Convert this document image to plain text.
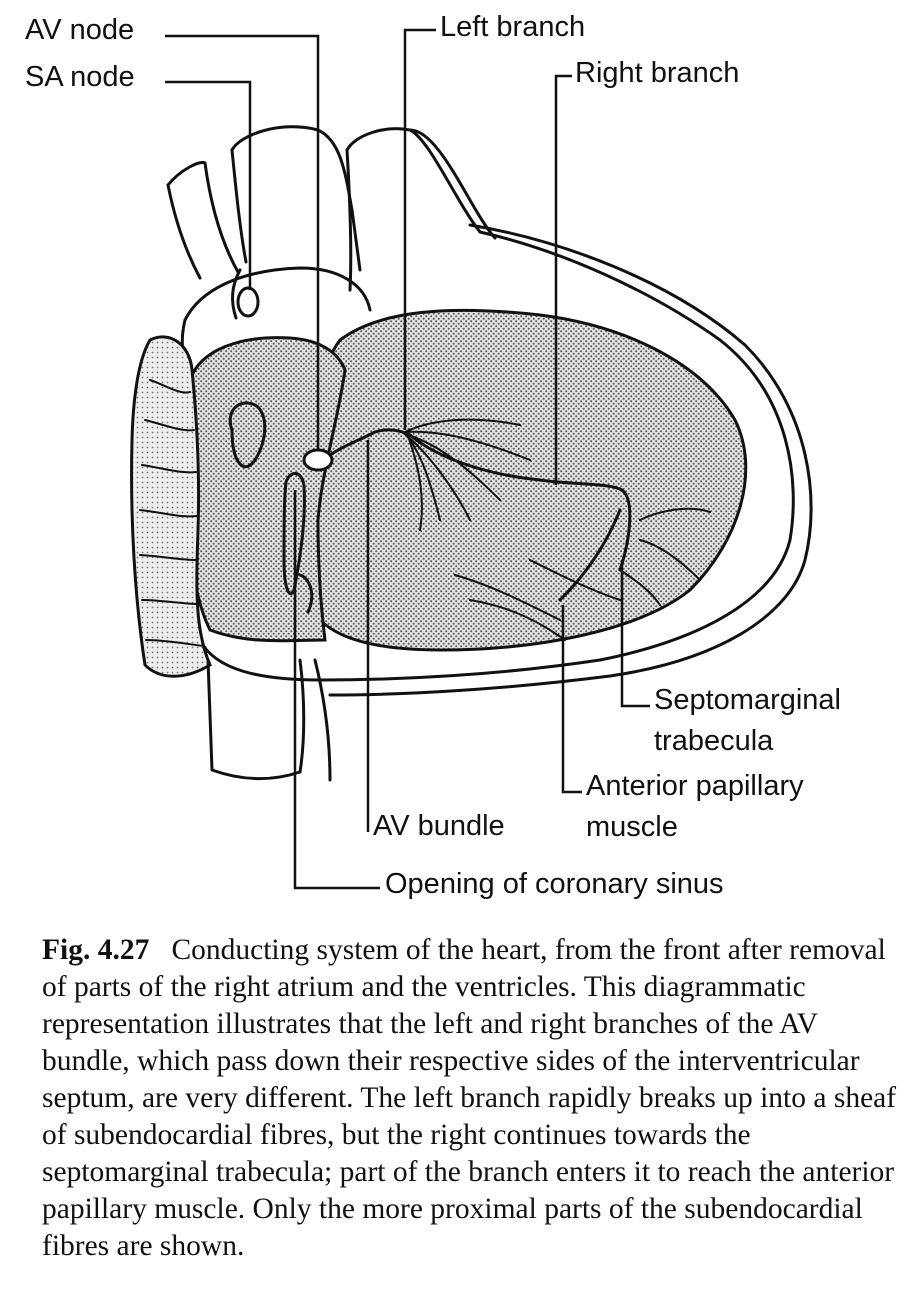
AV node
SA node
Left branch
Right branch
Septomarginal
trabecula
Anterior papillary
muscle
AV bundle
Opening of coronary sinus

Fig. 4.27 Conducting system of the heart, from the front after removal of parts of the right atrium and the ventricles. This diagrammatic representation illustrates that the left and right branches of the AV bundle, which pass down their respective sides of the interventricular septum, are very different. The left branch rapidly breaks up into a sheaf of subendocardial fibres, but the right continues towards the septomarginal trabecula; part of the branch enters it to reach the anterior papillary muscle. Only the more proximal parts of the subendocardial fibres are shown.
